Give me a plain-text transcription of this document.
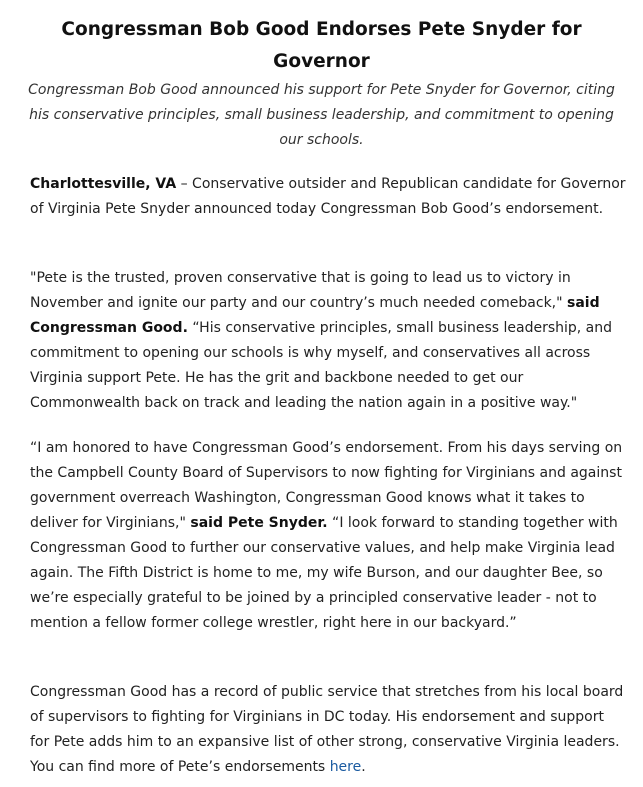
Congressman Bob Good Endorses Pete Snyder for Governor

Congressman Bob Good announced his support for Pete Snyder for Governor, citing his conservative principles, small business leadership, and commitment to opening our schools.

Charlottesville, VA – Conservative outsider and Republican candidate for Governor of Virginia Pete Snyder announced today Congressman Bob Good’s endorsement.

"Pete is the trusted, proven conservative that is going to lead us to victory in November and ignite our party and our country’s much needed comeback," said Congressman Good. “His conservative principles, small business leadership, and commitment to opening our schools is why myself, and conservatives all across Virginia support Pete. He has the grit and backbone needed to get our Commonwealth back on track and leading the nation again in a positive way."

“I am honored to have Congressman Good’s endorsement. From his days serving on the Campbell County Board of Supervisors to now fighting for Virginians and against government overreach Washington, Congressman Good knows what it takes to deliver for Virginians," said Pete Snyder. “I look forward to standing together with Congressman Good to further our conservative values, and help make Virginia lead again. The Fifth District is home to me, my wife Burson, and our daughter Bee, so we’re especially grateful to be joined by a principled conservative leader - not to mention a fellow former college wrestler, right here in our backyard.”

Congressman Good has a record of public service that stretches from his local board of supervisors to fighting for Virginians in DC today. His endorsement and support for Pete adds him to an expansive list of other strong, conservative Virginia leaders. You can find more of Pete’s endorsements here.
